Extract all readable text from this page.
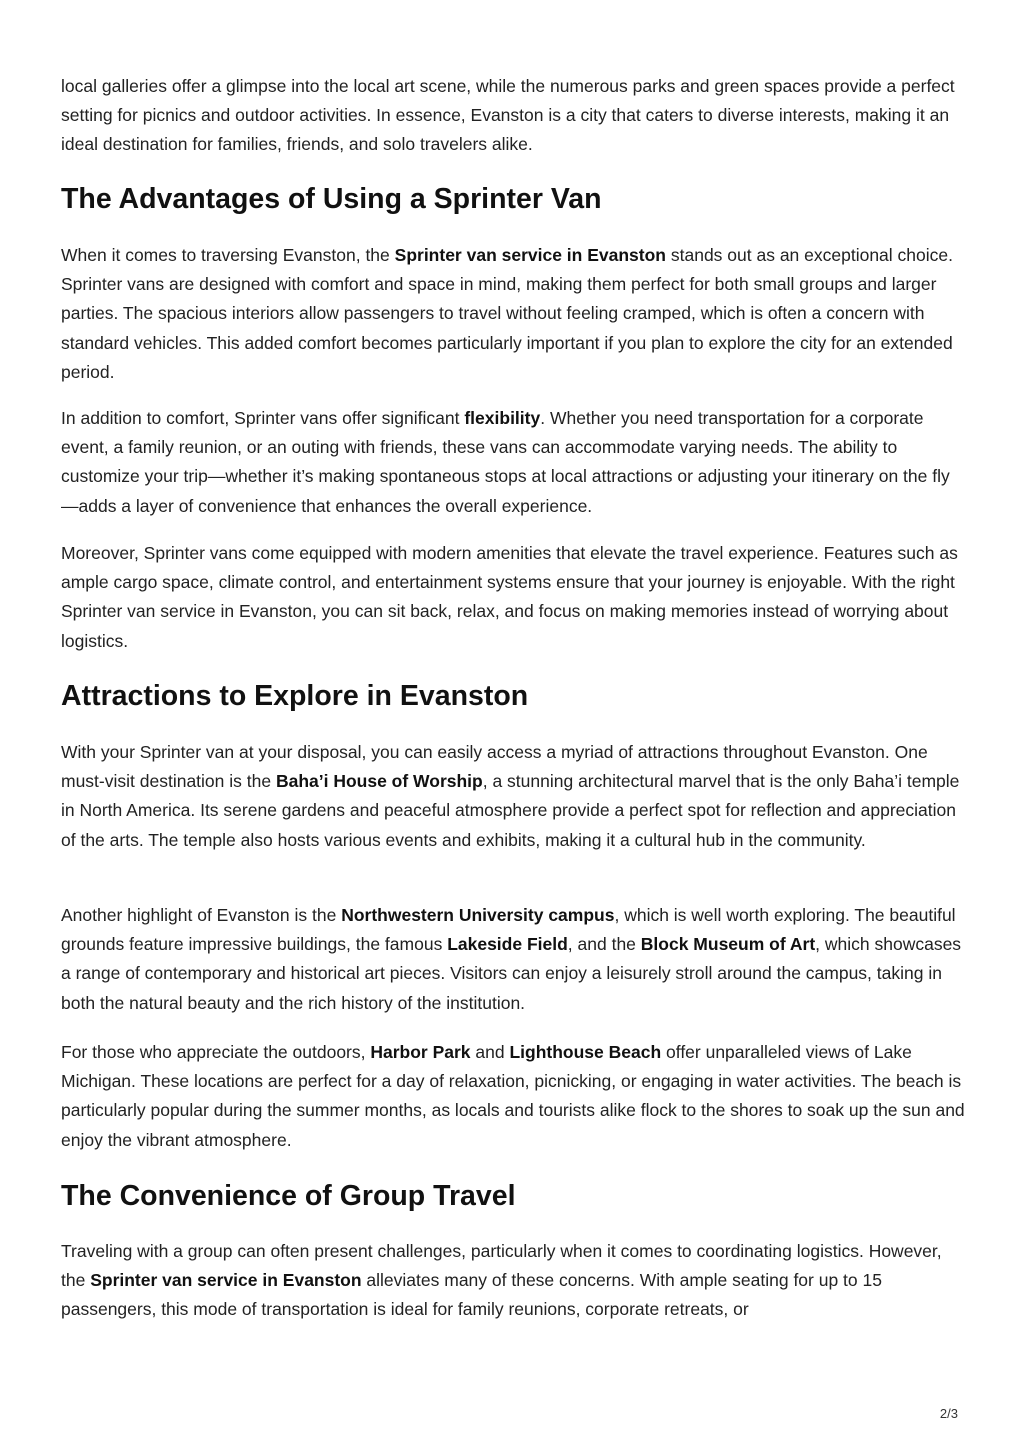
local galleries offer a glimpse into the local art scene, while the numerous parks and green spaces provide a perfect setting for picnics and outdoor activities. In essence, Evanston is a city that caters to diverse interests, making it an ideal destination for families, friends, and solo travelers alike.

The Advantages of Using a Sprinter Van

When it comes to traversing Evanston, the Sprinter van service in Evanston stands out as an exceptional choice. Sprinter vans are designed with comfort and space in mind, making them perfect for both small groups and larger parties. The spacious interiors allow passengers to travel without feeling cramped, which is often a concern with standard vehicles. This added comfort becomes particularly important if you plan to explore the city for an extended period.

In addition to comfort, Sprinter vans offer significant flexibility. Whether you need transportation for a corporate event, a family reunion, or an outing with friends, these vans can accommodate varying needs. The ability to customize your trip—whether it’s making spontaneous stops at local attractions or adjusting your itinerary on the fly—adds a layer of convenience that enhances the overall experience.

Moreover, Sprinter vans come equipped with modern amenities that elevate the travel experience. Features such as ample cargo space, climate control, and entertainment systems ensure that your journey is enjoyable. With the right Sprinter van service in Evanston, you can sit back, relax, and focus on making memories instead of worrying about logistics.

Attractions to Explore in Evanston

With your Sprinter van at your disposal, you can easily access a myriad of attractions throughout Evanston. One must-visit destination is the Baha’i House of Worship, a stunning architectural marvel that is the only Baha’i temple in North America. Its serene gardens and peaceful atmosphere provide a perfect spot for reflection and appreciation of the arts. The temple also hosts various events and exhibits, making it a cultural hub in the community.

Another highlight of Evanston is the Northwestern University campus, which is well worth exploring. The beautiful grounds feature impressive buildings, the famous Lakeside Field, and the Block Museum of Art, which showcases a range of contemporary and historical art pieces. Visitors can enjoy a leisurely stroll around the campus, taking in both the natural beauty and the rich history of the institution.

For those who appreciate the outdoors, Harbor Park and Lighthouse Beach offer unparalleled views of Lake Michigan. These locations are perfect for a day of relaxation, picnicking, or engaging in water activities. The beach is particularly popular during the summer months, as locals and tourists alike flock to the shores to soak up the sun and enjoy the vibrant atmosphere.

The Convenience of Group Travel

Traveling with a group can often present challenges, particularly when it comes to coordinating logistics. However, the Sprinter van service in Evanston alleviates many of these concerns. With ample seating for up to 15 passengers, this mode of transportation is ideal for family reunions, corporate retreats, or

2/3
